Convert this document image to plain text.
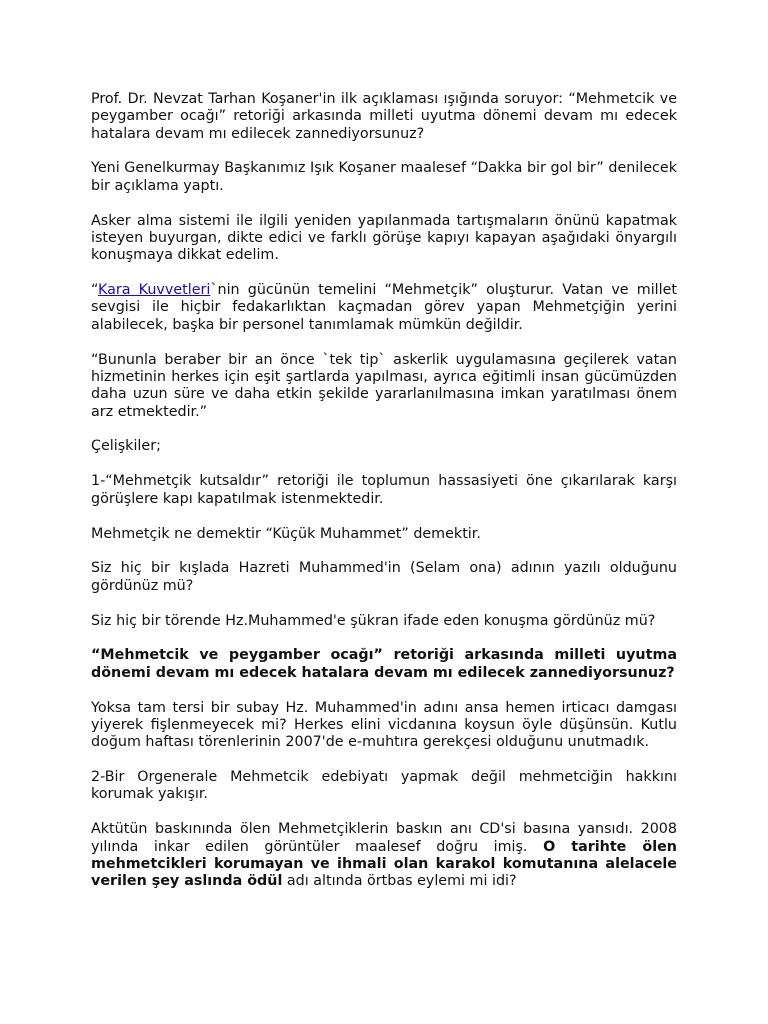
Prof. Dr. Nevzat Tarhan Koşaner'in ilk açıklaması ışığında soruyor: “Mehmetcik ve peygamber ocağı” retoriği arkasında milleti uyutma dönemi devam mı edecek hatalara devam mı edilecek zannediyorsunuz?

Yeni Genelkurmay Başkanımız Işık Koşaner maalesef “Dakka bir gol bir” denilecek bir açıklama yaptı.

Asker alma sistemi ile ilgili yeniden yapılanmada tartışmaların önünü kapatmak isteyen buyurgan, dikte edici ve farklı görüşe kapıyı kapayan aşağıdaki önyargılı konuşmaya dikkat edelim.

“Kara Kuvvetleri`nin gücünün temelini “Mehmetçik” oluşturur. Vatan ve millet sevgisi ile hiçbir fedakarlıktan kaçmadan görev yapan Mehmetçiğin yerini alabilecek, başka bir personel tanımlamak mümkün değildir.

“Bununla beraber bir an önce `tek tip` askerlik uygulamasına geçilerek vatan hizmetinin herkes için eşit şartlarda yapılması, ayrıca eğitimli insan gücümüzden daha uzun süre ve daha etkin şekilde yararlanılmasına imkan yaratılması önem arz etmektedir.”

Çelişkiler;

1-“Mehmetçik kutsaldır” retoriği ile toplumun hassasiyeti öne çıkarılarak karşı görüşlere kapı kapatılmak istenmektedir.

Mehmetçik ne demektir “Küçük Muhammet” demektir.

Siz hiç bir kışlada Hazreti Muhammed'in (Selam ona) adının yazılı olduğunu gördünüz mü?

Siz hiç bir törende Hz.Muhammed'e şükran ifade eden konuşma gördünüz mü?

“Mehmetcik ve peygamber ocağı” retoriği arkasında milleti uyutma dönemi devam mı edecek hatalara devam mı edilecek zannediyorsunuz?

Yoksa tam tersi bir subay Hz. Muhammed'in adını ansa hemen irticacı damgası yiyerek fişlenmeyecek mi? Herkes elini vicdanına koysun öyle düşünsün. Kutlu doğum haftası törenlerinin 2007'de e-muhtıra gerekçesi olduğunu unutmadık.

2-Bir Orgenerale Mehmetcik edebiyatı yapmak değil mehmetciğin hakkını korumak yakışır.

Aktütün baskınında ölen Mehmetçiklerin baskın anı CD'si basına yansıdı. 2008 yılında inkar edilen görüntüler maalesef doğru imiş. O tarihte ölen mehmetcikleri korumayan ve ihmali olan karakol komutanına alelacele verilen şey aslında ödül adı altında örtbas eylemi mi idi?
